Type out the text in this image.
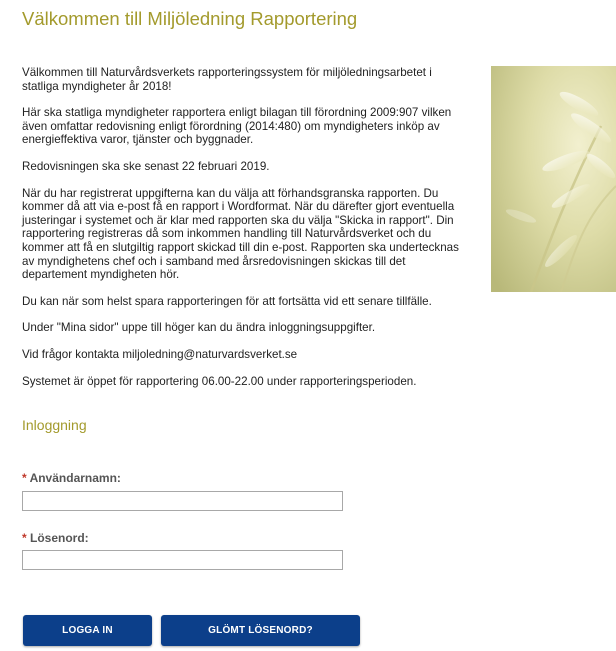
Välkommen till Miljöledning Rapportering

Välkommen till Naturvårdsverkets rapporteringssystem för miljöledningsarbetet i statliga myndigheter år 2018!

Här ska statliga myndigheter rapportera enligt bilagan till förordning 2009:907 vilken även omfattar redovisning enligt förordning (2014:480) om myndigheters inköp av energieffektiva varor, tjänster och byggnader.

Redovisningen ska ske senast 22 februari 2019.

När du har registrerat uppgifterna kan du välja att förhandsgranska rapporten. Du kommer då att via e-post få en rapport i Wordformat. När du därefter gjort eventuella justeringar i systemet och är klar med rapporten ska du välja "Skicka in rapport". Din rapportering registreras då som inkommen handling till Naturvårdsverket och du kommer att få en slutgiltig rapport skickad till din e-post. Rapporten ska undertecknas av myndighetens chef och i samband med årsredovisningen skickas till det departement myndigheten hör.

Du kan när som helst spara rapporteringen för att fortsätta vid ett senare tillfälle.

Under "Mina sidor" uppe till höger kan du ändra inloggningsuppgifter.

Vid frågor kontakta miljoledning@naturvardsverket.se

Systemet är öppet för rapportering 06.00-22.00 under rapporteringsperioden.

Inloggning
* Användarnamn:
* Lösenord:
LOGGA IN	GLÖMT LÖSENORD?
